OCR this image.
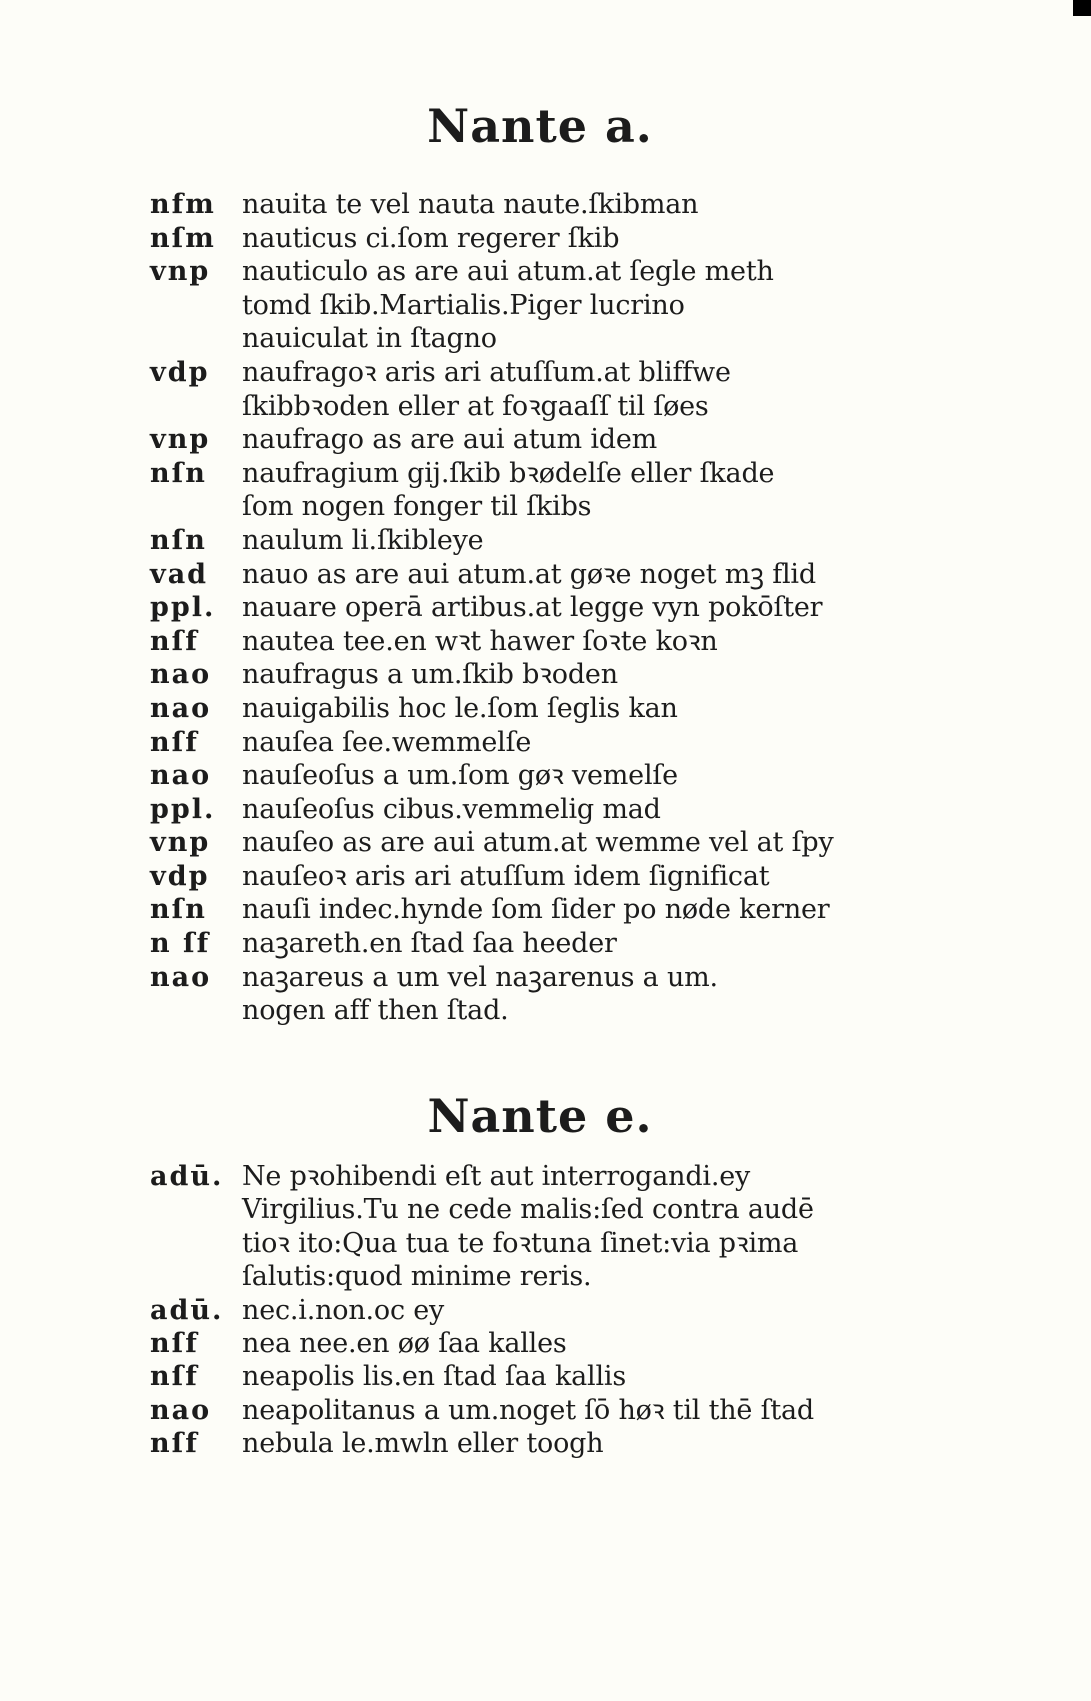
Nante a.
nfm nauita te vel nauta naute.ſkibman
nſm nauticus ci.ſom regerer ſkib
vnp	nauticulo as are aui atum.at ſegle meth
tomd ſkib.Martialis.Piger lucrino
nauiculat in ſtagno
vdp	naufragoꝛ aris ari atuſſum.at bliffwe
ſkibbꝛoden eller at foꝛgaaſſ til ſøes
vnp	naufrago as are aui atum idem
nſn	naufragium gij.ſkib bꝛødelſe eller ſkade
ſom nogen fonger til ſkibs
nſn	naulum li.ſkibleye
vad	nauo as are aui atum.at gøꝛe noget mꝫ flid
ppl. nauare operā artibus.at legge vyn pokōſter
nſf	nautea tee.en wꝛt hawer ſoꝛte koꝛn
nao	naufragus a um.ſkib bꝛoden
nao	nauigabilis hoc le.ſom ſeglis kan
nſf	nauſea ſee.wemmelſe
nao	nauſeoſus a um.ſom gøꝛ vemelſe
ppl. nauſeoſus cibus.vemmelig mad
vnp	nauſeo as are aui atum.at wemme vel at ſpy
vdp	nauſeoꝛ aris ari atuſſum idem ſignificat
nſn	nauſi indec.hynde ſom ſider po nøde kerner
n ſf	naꝫareth.en ſtad ſaa heeder
nao	naꝫareus a um vel naꝫarenus a um.
nogen aff then ſtad.
Nante e.
adū. Ne pꝛohibendi eſt aut interrogandi.ey
Virgilius.Tu ne cede malis:ſed contra audē
tioꝛ ito:Qua tua te foꝛtuna ſinet:via pꝛima
ſalutis:quod minime reris.
adū. nec.i.non.oc ey
nſf	nea nee.en øø ſaa kalles
nſf	neapolis lis.en ſtad ſaa kallis
nao	neapolitanus a um.noget ſō høꝛ til thē ſtad
nſf	nebula le.mwln eller toogh
